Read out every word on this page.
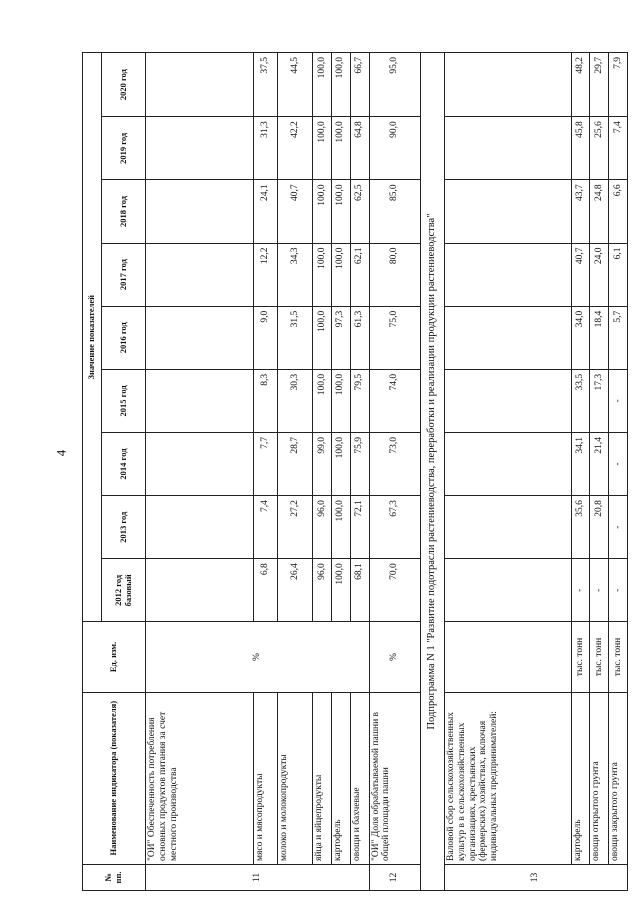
4
№ пп.	Наименование индикатора (показателя)	Ед. изм.	Значение показателей								
			2012 год базовый	2013 год	2014 год	2015 год	2016 год	2017 год	2018 год	2019 год	2020 год
11	"ОИ" Обеспеченность потребления основных продуктов питания за счет местного производства	%									
	мясо и мясопродукты		6,8	7,4	7,7	8,3	9,0	12,2	24,1	31,3	37,5
	молоко и молокопродукты		26,4	27,2	28,7	30,3	31,5	34,3	40,7	42,2	44,5
	яйца и яйцепродукты		96,0	96,0	99,0	100,0	100,0	100,0	100,0	100,0	100,0
	картофель		100,0	100,0	100,0	100,0	97,3	100,0	100,0	100,0	100,0
	овощи и бахчевые		68,1	72,1	75,9	79,5	61,3	62,1	62,5	64,8	66,7
12	"ОИ" Доля обрабатываемой пашни в общей площади пашни	%	70,0	67,3	73,0	74,0	75,0	80,0	85,0	90,0	95,0
Подпрограмма N 1 "Развитие подотрасли растениеводства, переработки и реализации продукции растениеводства"											
13	Валовой сбор сельскохозяйственных культур в в сельскохозяйственных организациях, крестьянских (фермерских) хозяйствах, включая индивидуальных предпринимателей:										
	картофель	тыс. тонн	-	35,6	34,1	33,5	34,0	40,7	43,7	45,8	48,2
	овощи открытого грунта	тыс. тонн	-	20,8	21,4	17,3	18,4	24,0	24,8	25,6	29,7
	овощи закрытого грунта	тыс. тонн	-	-	-	-	5,7	6,1	6,6	7,4	7,9
